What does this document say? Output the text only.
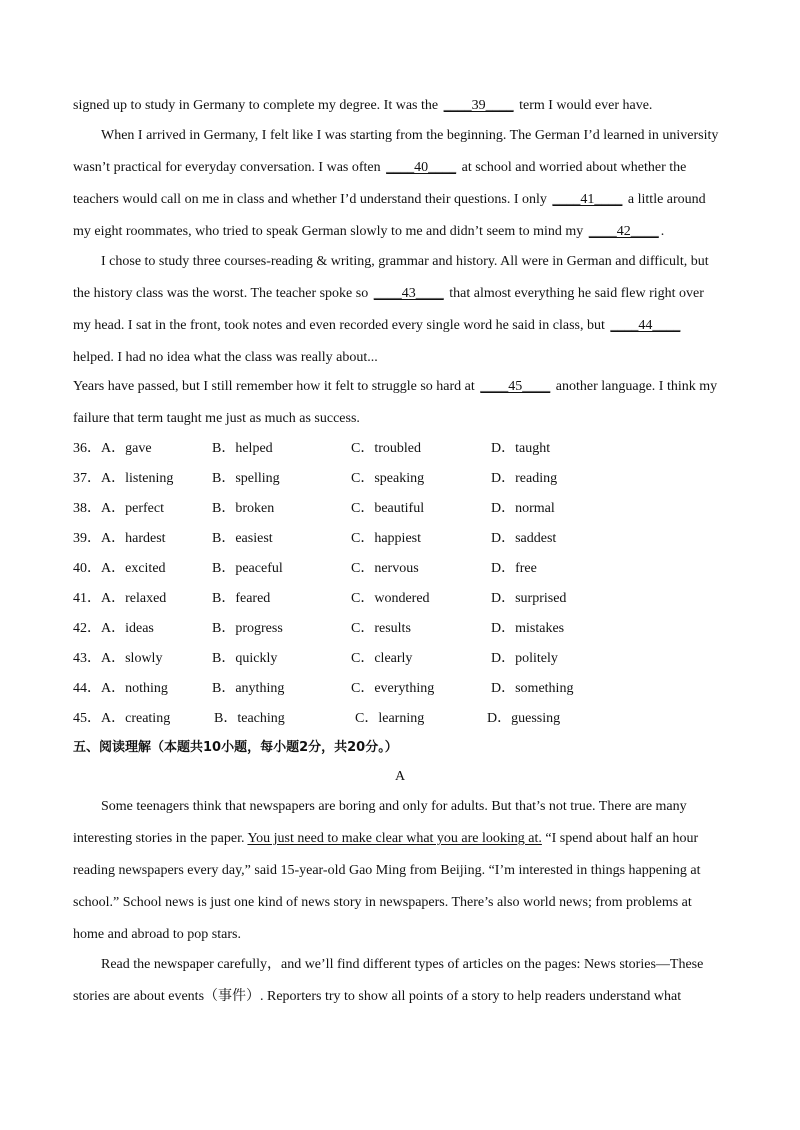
signed up to study in Germany to complete my degree. It was the ____39____ term I would ever have.
When I arrived in Germany, I felt like I was starting from the beginning. The German I’d learned in university
wasn’t practical for everyday conversation. I was often ____40____ at school and worried about whether the
teachers would call on me in class and whether I’d understand their questions. I only ____41____ a little around
my eight roommates, who tried to speak German slowly to me and didn’t seem to mind my ____42____ .
I chose to study three courses-reading & writing, grammar and history. All were in German and difficult, but
the history class was the worst. The teacher spoke so ____43____ that almost everything he said flew right over
my head. I sat in the front, took notes and even recorded every single word he said in class, but ____44____
helped. I had no idea what the class was really about...
Years have passed, but I still remember how it felt to struggle so hard at ____45____ another language. I think my
failure that term taught me just as much as success.
36． A．gave	B．helped	C．troubled	D．taught
37． A．listening	B．spelling	C．speaking	D．reading
38． A．perfect	B．broken	C．beautiful	D．normal
39． A．hardest	B．easiest	C．happiest	D．saddest
40． A．excited	B．peaceful	C．nervous	D．free
41． A．relaxed	B．feared	C．wondered	D．surprised
42． A．ideas	B．progress	C．results	D．mistakes
43． A．slowly	B．quickly	C．clearly	D．politely
44． A．nothing	B．anything	C．everything	D．something
45． A．creating	B．teaching	C．learning	D．guessing
五、阅读理解（本题共10小题，每小题2分，共20分。）
A
Some teenagers think that newspapers are boring and only for adults. But that’s not true. There are many
interesting stories in the paper. You just need to make clear what you are looking at. “I spend about half an hour
reading newspapers every day,” said 15-year-old Gao Ming from Beijing. “I’m interested in things happening at
school.” School news is just one kind of news story in newspapers. There’s also world news; from problems at
home and abroad to pop stars.
Read the newspaper carefully，and we’ll find different types of articles on the pages: News stories—These
stories are about events（事件）. Reporters try to show all points of a story to help readers understand what
